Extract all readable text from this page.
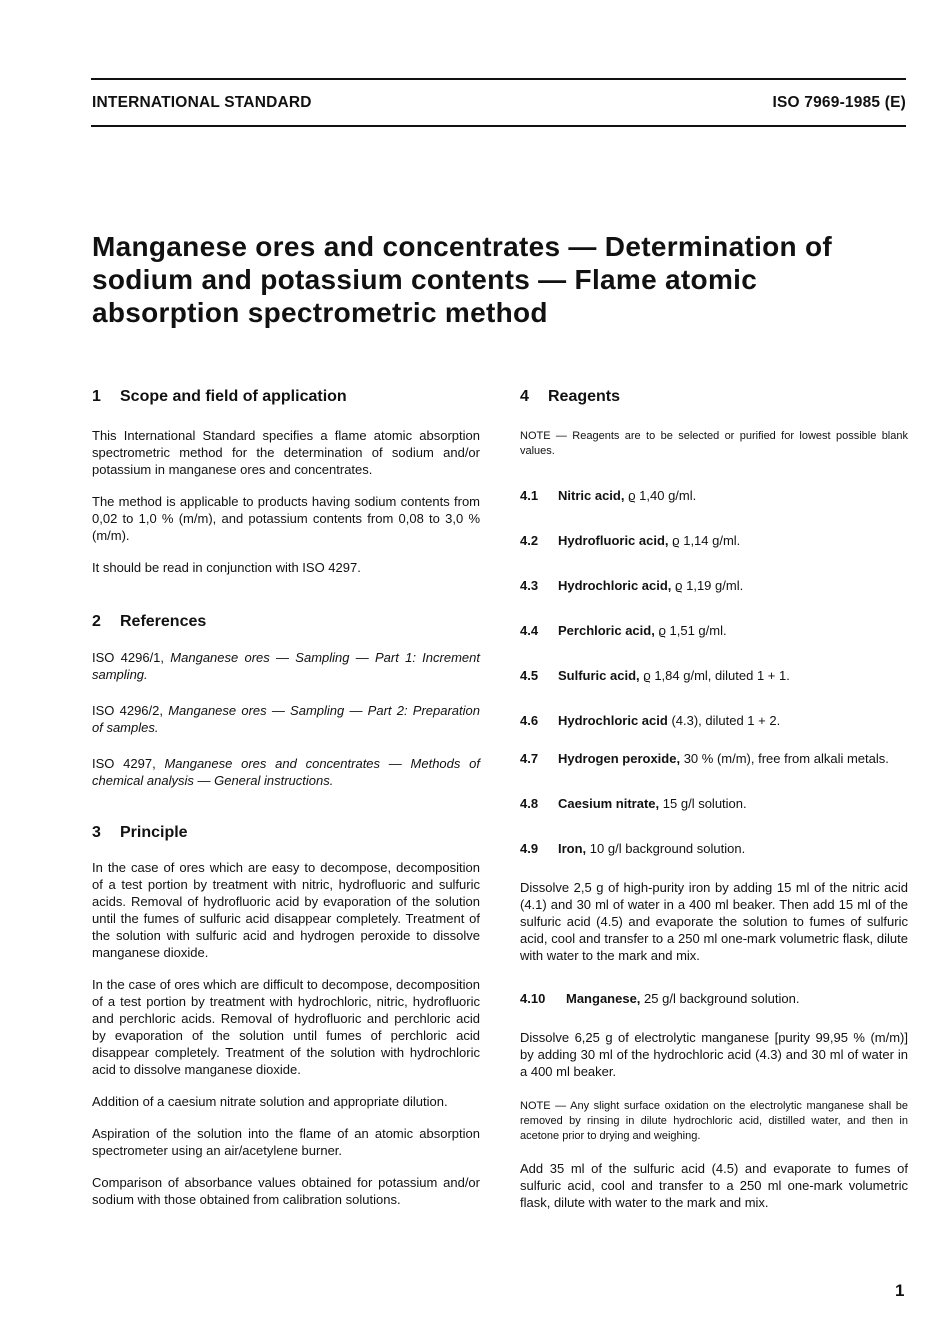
INTERNATIONAL STANDARD	ISO 7969-1985 (E)
Manganese ores and concentrates — Determination of
sodium and potassium contents — Flame atomic
absorption spectrometric method
1 Scope and field of application

This International Standard specifies a flame atomic absorption spectrometric method for the determination of sodium and/or potassium in manganese ores and concentrates.

The method is applicable to products having sodium contents from 0,02 to 1,0 % (m/m), and potassium contents from 0,08 to 3,0 % (m/m).

It should be read in conjunction with ISO 4297.

2 References

ISO 4296/1, Manganese ores — Sampling — Part 1: Increment sampling.

ISO 4296/2, Manganese ores — Sampling — Part 2: Preparation of samples.

ISO 4297, Manganese ores and concentrates — Methods of chemical analysis — General instructions.

3 Principle

In the case of ores which are easy to decompose, decomposition of a test portion by treatment with nitric, hydrofluoric and sulfuric acids. Removal of hydrofluoric acid by evaporation of the solution until the fumes of sulfuric acid disappear completely. Treatment of the solution with sulfuric acid and hydrogen peroxide to dissolve manganese dioxide.

In the case of ores which are difficult to decompose, decomposition of a test portion by treatment with hydrochloric, nitric, hydrofluoric and perchloric acids. Removal of hydrofluoric and perchloric acid by evaporation of the solution until fumes of perchloric acid disappear completely. Treatment of the solution with hydrochloric acid to dissolve manganese dioxide.

Addition of a caesium nitrate solution and appropriate dilution.

Aspiration of the solution into the flame of an atomic absorption spectrometer using an air/acetylene burner.

Comparison of absorbance values obtained for potassium and/or sodium with those obtained from calibration solutions.

4 Reagents

NOTE — Reagents are to be selected or purified for lowest possible blank values.

4.1	Nitric acid, ϱ 1,40 g/ml.
4.2	Hydrofluoric acid, ϱ 1,14 g/ml.
4.3	Hydrochloric acid, ϱ 1,19 g/ml.
4.4	Perchloric acid, ϱ 1,51 g/ml.
4.5	Sulfuric acid, ϱ 1,84 g/ml, diluted 1 + 1.
4.6	Hydrochloric acid (4.3), diluted 1 + 2.
4.7 Hydrogen peroxide, 30 % (m/m), free from alkali metals.
4.8	Caesium nitrate, 15 g/l solution.
4.9	Iron, 10 g/l background solution.

Dissolve 2,5 g of high-purity iron by adding 15 ml of the nitric acid (4.1) and 30 ml of water in a 400 ml beaker. Then add 15 ml of the sulfuric acid (4.5) and evaporate the solution to fumes of sulfuric acid, cool and transfer to a 250 ml one-mark volumetric flask, dilute with water to the mark and mix.

4.10	Manganese, 25 g/l background solution.

Dissolve 6,25 g of electrolytic manganese [purity 99,95 % (m/m)] by adding 30 ml of the hydrochloric acid (4.3) and 30 ml of water in a 400 ml beaker.

NOTE — Any slight surface oxidation on the electrolytic manganese shall be removed by rinsing in dilute hydrochloric acid, distilled water, and then in acetone prior to drying and weighing.

Add 35 ml of the sulfuric acid (4.5) and evaporate to fumes of sulfuric acid, cool and transfer to a 250 ml one-mark volumetric flask, dilute with water to the mark and mix.

1
